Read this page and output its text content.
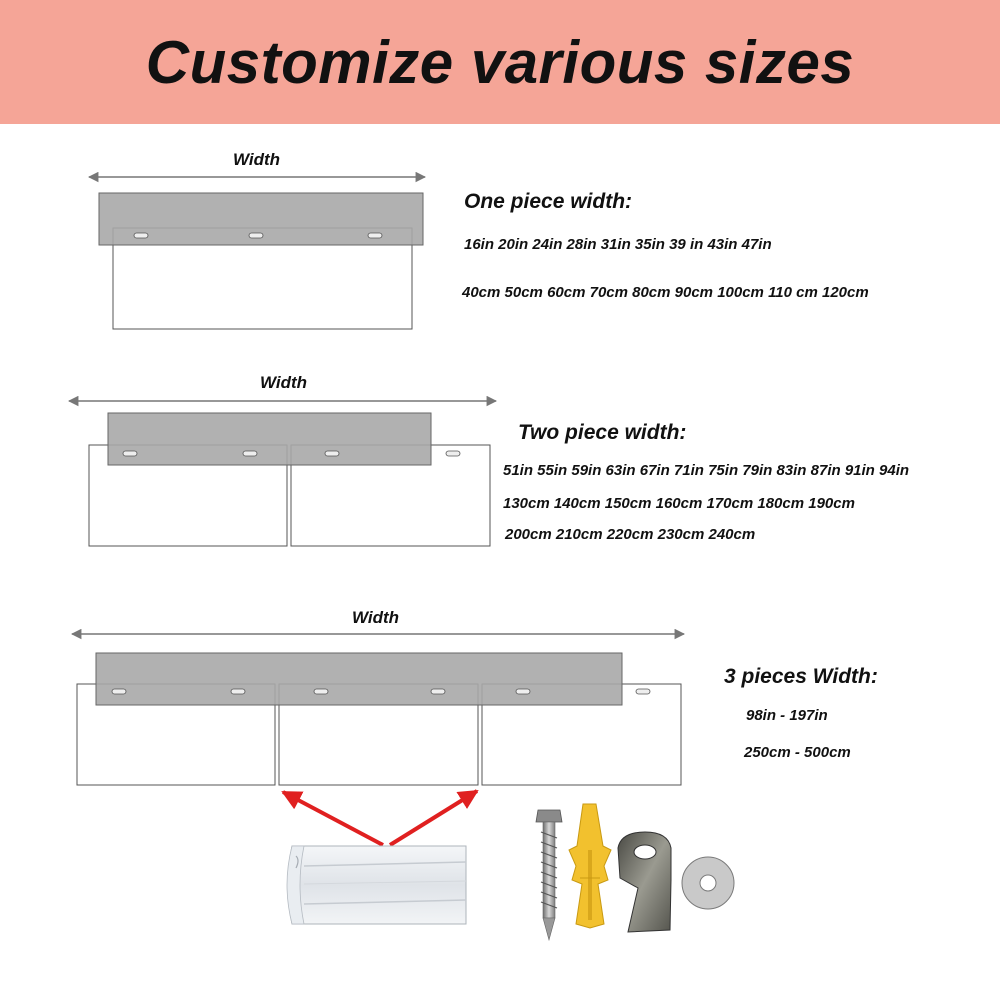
Customize various sizes
Width
One piece width:
16in 20in 24in 28in 31in 35in 39 in 43in 47in
40cm 50cm 60cm 70cm 80cm 90cm 100cm 110 cm 120cm
Width
Two piece width:
51in 55in 59in 63in 67in 71in 75in 79in 83in 87in 91in 94in
130cm 140cm 150cm 160cm 170cm 180cm 190cm
200cm 210cm 220cm 230cm 240cm
Width
3 pieces Width:
98in - 197in
250cm - 500cm
